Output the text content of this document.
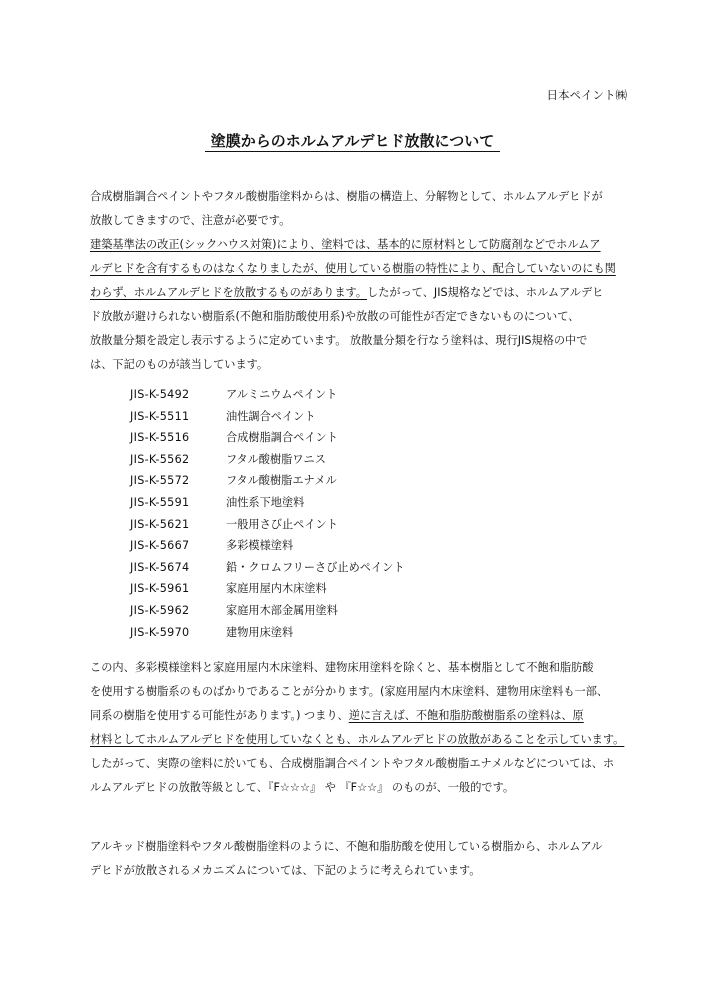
日本ペイント㈱
塗膜からのホルムアルデヒド放散について
合成樹脂調合ペイントやフタル酸樹脂塗料からは、樹脂の構造上、分解物として、ホルムアルデヒドが
放散してきますので、注意が必要です。
建築基準法の改正(シックハウス対策)により、塗料では、基本的に原材料として防腐剤などでホルムア
ルデヒドを含有するものはなくなりましたが、使用している樹脂の特性により、配合していないのにも関
わらず、ホルムアルデヒドを放散するものがあります。したがって、JIS規格などでは、ホルムアルデヒ
ド放散が避けられない樹脂系(不飽和脂肪酸使用系)や放散の可能性が否定できないものについて、
放散量分類を設定し表示するように定めています。 放散量分類を行なう塗料は、現行JIS規格の中で
は、下記のものが該当しています。
JIS-K-5492	アルミニウムペイント
JIS-K-5511	油性調合ペイント
JIS-K-5516	合成樹脂調合ペイント
JIS-K-5562	フタル酸樹脂ワニス
JIS-K-5572	フタル酸樹脂エナメル
JIS-K-5591	油性系下地塗料
JIS-K-5621	一般用さび止ペイント
JIS-K-5667	多彩模様塗料
JIS-K-5674	鉛・クロムフリーさび止めペイント
JIS-K-5961	家庭用屋内木床塗料
JIS-K-5962	家庭用木部金属用塗料
JIS-K-5970	建物用床塗料
この内、多彩模様塗料と家庭用屋内木床塗料、建物床用塗料を除くと、基本樹脂として不飽和脂肪酸
を使用する樹脂系のものばかりであることが分かります。(家庭用屋内木床塗料、建物用床塗料も一部、
同系の樹脂を使用する可能性があります。) つまり、逆に言えば、不飽和脂肪酸樹脂系の塗料は、原
材料としてホルムアルデヒドを使用していなくとも、ホルムアルデヒドの放散があることを示しています。
したがって、実際の塗料に於いても、合成樹脂調合ペイントやフタル酸樹脂エナメルなどについては、ホ
ルムアルデヒドの放散等級として、『F☆☆☆』 や 『F☆☆』 のものが、一般的です。
アルキッド樹脂塗料やフタル酸樹脂塗料のように、不飽和脂肪酸を使用している樹脂から、ホルムアル
デヒドが放散されるメカニズムについては、下記のように考えられています。
